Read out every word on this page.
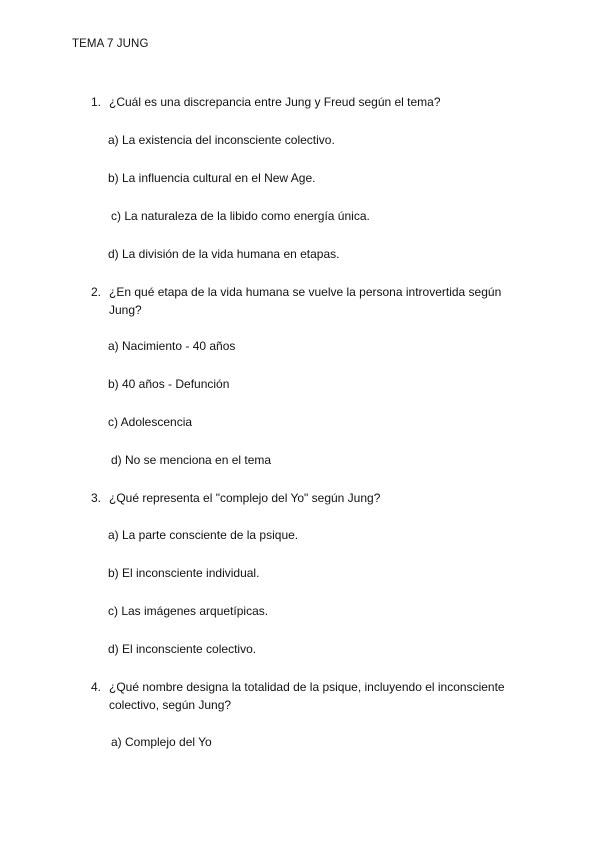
TEMA 7 JUNG
1. ¿Cuál es una discrepancia entre Jung y Freud según el tema?
a) La existencia del inconsciente colectivo.
b) La influencia cultural en el New Age.
c) La naturaleza de la libido como energía única.
d) La división de la vida humana en etapas.
2. ¿En qué etapa de la vida humana se vuelve la persona introvertida según Jung?
a) Nacimiento - 40 años
b) 40 años - Defunción
c) Adolescencia
d) No se menciona en el tema
3. ¿Qué representa el "complejo del Yo" según Jung?
a) La parte consciente de la psique.
b) El inconsciente individual.
c) Las imágenes arquetípicas.
d) El inconsciente colectivo.
4. ¿Qué nombre designa la totalidad de la psique, incluyendo el inconsciente colectivo, según Jung?
a) Complejo del Yo
